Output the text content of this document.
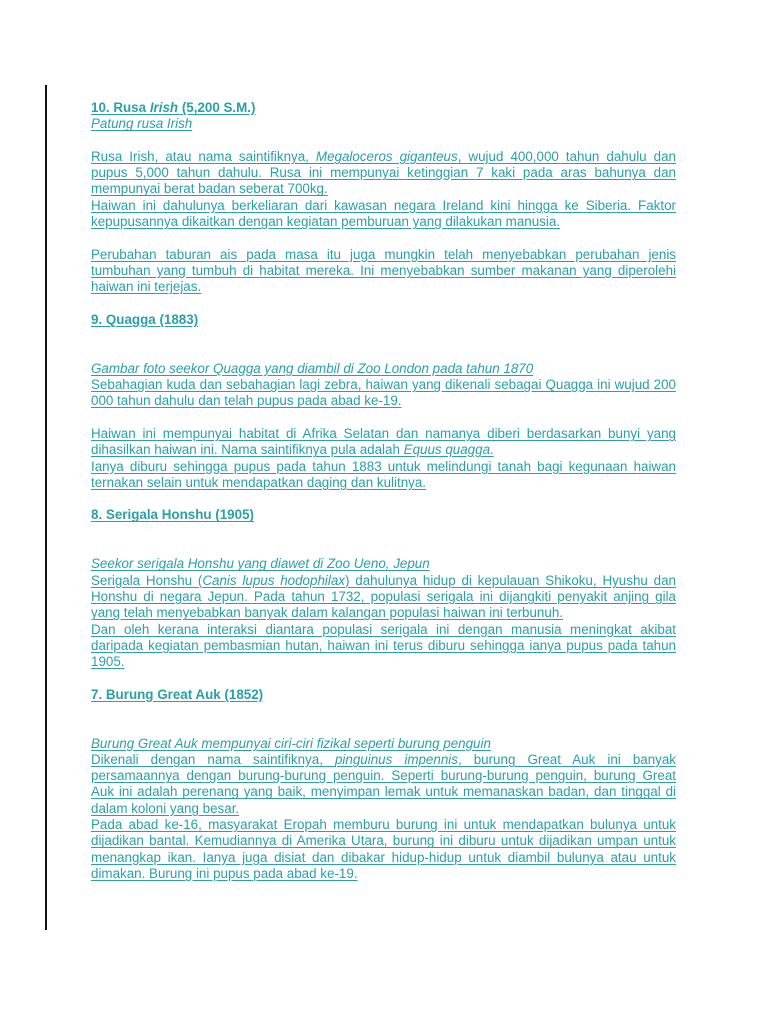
10. Rusa Irish (5,200 S.M.)

Patung rusa Irish

Rusa Irish, atau nama saintifiknya, Megaloceros giganteus, wujud 400,000 tahun dahulu dan pupus 5,000 tahun dahulu. Rusa ini mempunyai ketinggian 7 kaki pada aras bahunya dan mempunyai berat badan seberat 700kg.

Haiwan ini dahulunya berkeliaran dari kawasan negara Ireland kini hingga ke Siberia. Faktor kepupusannya dikaitkan dengan kegiatan pemburuan yang dilakukan manusia.

Perubahan taburan ais pada masa itu juga mungkin telah menyebabkan perubahan jenis tumbuhan yang tumbuh di habitat mereka. Ini menyebabkan sumber makanan yang diperolehi haiwan ini terjejas.

9. Quagga (1883)

Gambar foto seekor Quagga yang diambil di Zoo London pada tahun 1870

Sebahagian kuda dan sebahagian lagi zebra, haiwan yang dikenali sebagai Quagga ini wujud 200 000 tahun dahulu dan telah pupus pada abad ke-19.

Haiwan ini mempunyai habitat di Afrika Selatan dan namanya diberi berdasarkan bunyi yang dihasilkan haiwan ini. Nama saintifiknya pula adalah Equus quagga.

Ianya diburu sehingga pupus pada tahun 1883 untuk melindungi tanah bagi kegunaan haiwan ternakan selain untuk mendapatkan daging dan kulitnya.

8. Serigala Honshu (1905)

Seekor serigala Honshu yang diawet di Zoo Ueno, Jepun

Serigala Honshu (Canis lupus hodophilax) dahulunya hidup di kepulauan Shikoku, Hyushu dan Honshu di negara Jepun. Pada tahun 1732, populasi serigala ini dijangkiti penyakit anjing gila yang telah menyebabkan banyak dalam kalangan populasi haiwan ini terbunuh.

Dan oleh kerana interaksi diantara populasi serigala ini dengan manusia meningkat akibat daripada kegiatan pembasmian hutan, haiwan ini terus diburu sehingga ianya pupus pada tahun 1905.

7. Burung Great Auk (1852)

Burung Great Auk mempunyai ciri-ciri fizikal seperti burung penguin

Dikenali dengan nama saintifiknya, pinguinus impennis, burung Great Auk ini banyak persamaannya dengan burung-burung penguin. Seperti burung-burung penguin, burung Great Auk ini adalah perenang yang baik, menyimpan lemak untuk memanaskan badan, dan tinggal di dalam koloni yang besar.

Pada abad ke-16, masyarakat Eropah memburu burung ini untuk mendapatkan bulunya untuk dijadikan bantal. Kemudiannya di Amerika Utara, burung ini diburu untuk dijadikan umpan untuk menangkap ikan. Ianya juga disiat dan dibakar hidup-hidup untuk diambil bulunya atau untuk dimakan. Burung ini pupus pada abad ke-19.
